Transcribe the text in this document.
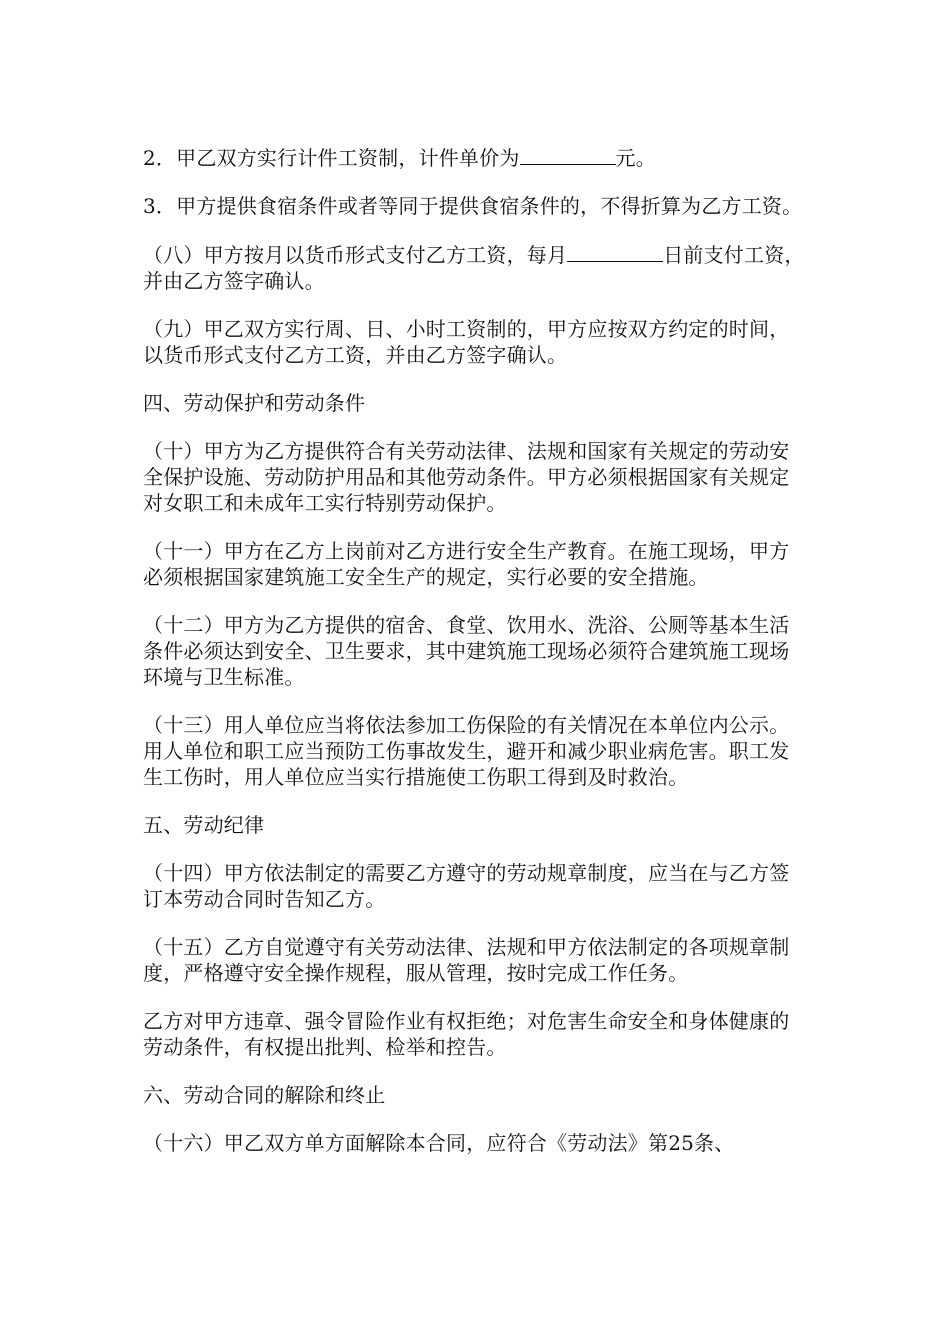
2．甲乙双方实行计件工资制，计件单价为	元。

3．甲方提供食宿条件或者等同于提供食宿条件的，不得折算为乙方工资。

（八）甲方按月以货币形式支付乙方工资，每月	日前支付工资，并由乙方签字确认。

（九）甲乙双方实行周、日、小时工资制的，甲方应按双方约定的时间，以货币形式支付乙方工资，并由乙方签字确认。

四、劳动保护和劳动条件

（十）甲方为乙方提供符合有关劳动法律、法规和国家有关规定的劳动安全保护设施、劳动防护用品和其他劳动条件。甲方必须根据国家有关规定对女职工和未成年工实行特别劳动保护。

（十一）甲方在乙方上岗前对乙方进行安全生产教育。在施工现场，甲方必须根据国家建筑施工安全生产的规定，实行必要的安全措施。

（十二）甲方为乙方提供的宿舍、食堂、饮用水、洗浴、公厕等基本生活条件必须达到安全、卫生要求，其中建筑施工现场必须符合建筑施工现场环境与卫生标准。

（十三）用人单位应当将依法参加工伤保险的有关情况在本单位内公示。用人单位和职工应当预防工伤事故发生，避开和减少职业病危害。职工发生工伤时，用人单位应当实行措施使工伤职工得到及时救治。

五、劳动纪律

（十四）甲方依法制定的需要乙方遵守的劳动规章制度，应当在与乙方签订本劳动合同时告知乙方。

（十五）乙方自觉遵守有关劳动法律、法规和甲方依法制定的各项规章制度，严格遵守安全操作规程，服从管理，按时完成工作任务。

乙方对甲方违章、强令冒险作业有权拒绝；对危害生命安全和身体健康的劳动条件，有权提出批判、检举和控告。

六、劳动合同的解除和终止

（十六）甲乙双方单方面解除本合同，应符合《劳动法》第25条、
